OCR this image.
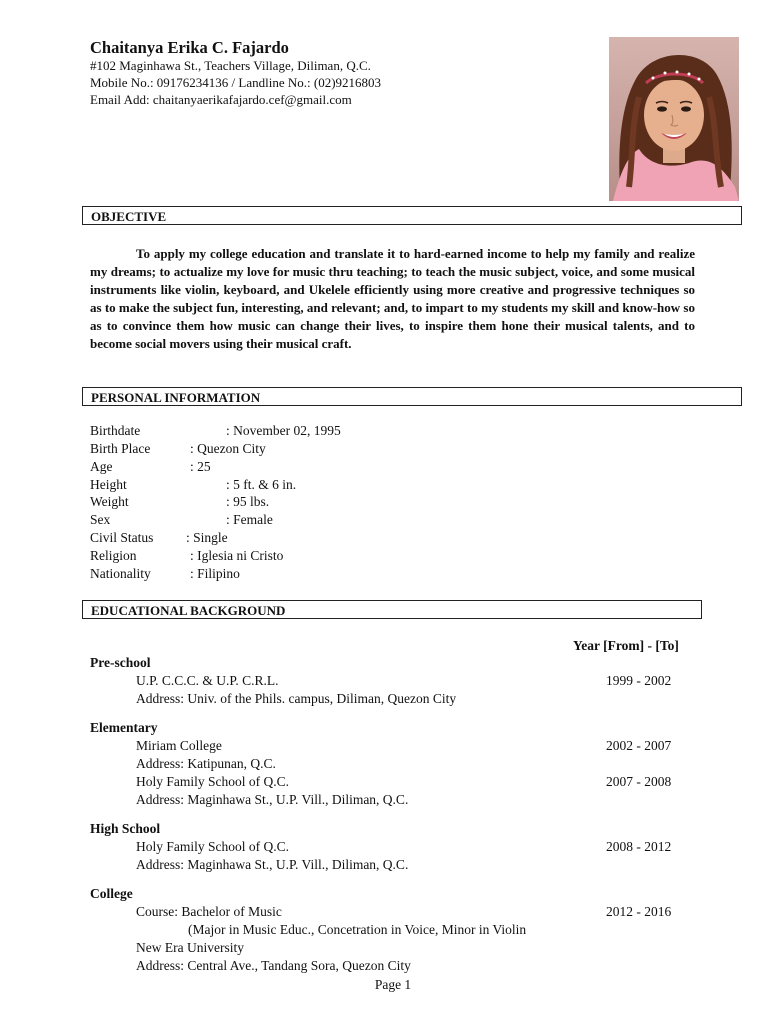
Chaitanya Erika C. Fajardo
#102 Maginhawa St., Teachers Village, Diliman, Q.C.
Mobile No.: 09176234136 / Landline No.: (02)9216803
Email Add: chaitanyaerikafajardo.cef@gmail.com
OBJECTIVE
To apply my college education and translate it to hard-earned income to help my family and realize my dreams; to actualize my love for music thru teaching; to teach the music subject, voice, and some musical instruments like violin, keyboard, and Ukelele efficiently using more creative and progressive techniques so as to make the subject fun, interesting, and relevant; and, to impart to my students my skill and know-how so as to convince them how music can change their lives, to inspire them hone their musical talents, and to become social movers using their musical craft.
PERSONAL INFORMATION
Birthdate	: November 02, 1995
Birth Place	: Quezon City
Age	: 25
Height	: 5 ft. & 6 in.
Weight	: 95 lbs.
Sex	: Female
Civil Status : Single
Religion	: Iglesia ni Cristo
Nationality	: Filipino
EDUCATIONAL BACKGROUND
Year [From] - [To]
Pre-school
U.P. C.C.C. & U.P. C.R.L.	1999 - 2002
Address: Univ. of the Phils. campus, Diliman, Quezon City
Elementary
Miriam College	2002 - 2007
Address: Katipunan, Q.C.
Holy Family School of Q.C.	2007 - 2008
Address: Maginhawa St., U.P. Vill., Diliman, Q.C.
High School
Holy Family School of Q.C.	2008 - 2012
Address: Maginhawa St., U.P. Vill., Diliman, Q.C.
College
Course: Bachelor of Music	2012 - 2016
(Major in Music Educ., Concetration in Voice, Minor in Violin
New Era University
Address: Central Ave., Tandang Sora, Quezon City
Page 1
